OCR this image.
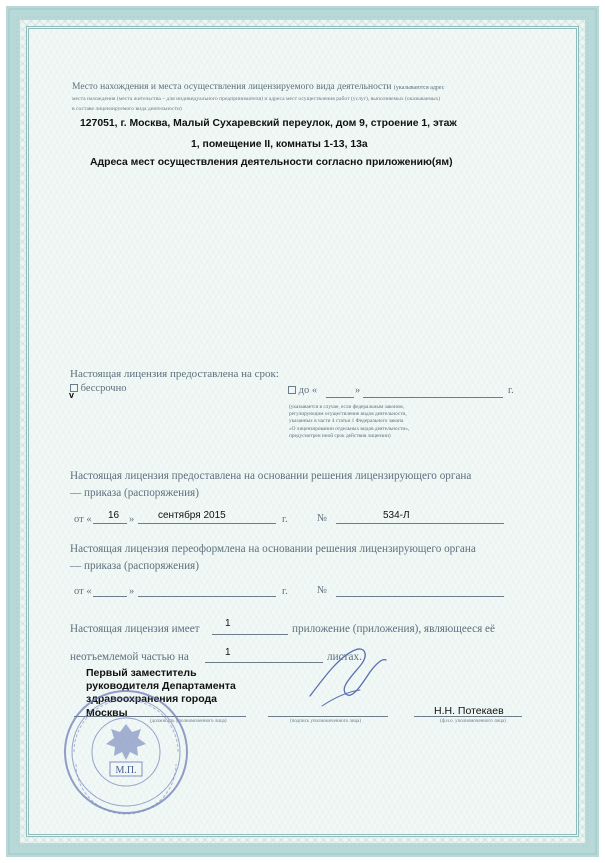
Место нахождения и места осуществления лицензируемого вида деятельности (указываются адрес
места нахождения (места жительства – для индивидуального предпринимателя) и адреса мест осуществления работ (услуг), выполняемых (оказываемых)
в составе лицензируемого вида деятельности)
127051, г. Москва, Малый Сухаревский переулок, дом 9, строение 1, этаж
1, помещение II, комнаты 1-13, 13а
Адреса мест осуществления деятельности согласно приложению(ям)
Настоящая лицензия предоставлена на срок:
v
бессрочно	до «	»	г.
(указывается в случае, если федеральным законом,
регулирующим осуществление видов деятельности,
указанных в части 4 статьи 1 Федерального закона
«О лицензировании отдельных видов деятельности»,
предусмотрен иной срок действия лицензии)
Настоящая лицензия предоставлена на основании решения лицензирующего органа
— приказа (распоряжения)
от « 16 » сентября 2015	г.	№	534-Л
Настоящая лицензия переоформлена на основании решения лицензирующего органа
— приказа (распоряжения)
от «	»	г.	№
Настоящая лицензия имеет	1	приложение (приложения), являющееся её
неотъемлемой частью на	1	листах.
Первый заместитель
руководителя Департамента
здравоохранения города
Москвы	Н.Н. Потекаев
(должность уполномоченного лица)	(подпись уполномоченного лица)	(ф.и.о. уполномоченного лица)
М.П.
